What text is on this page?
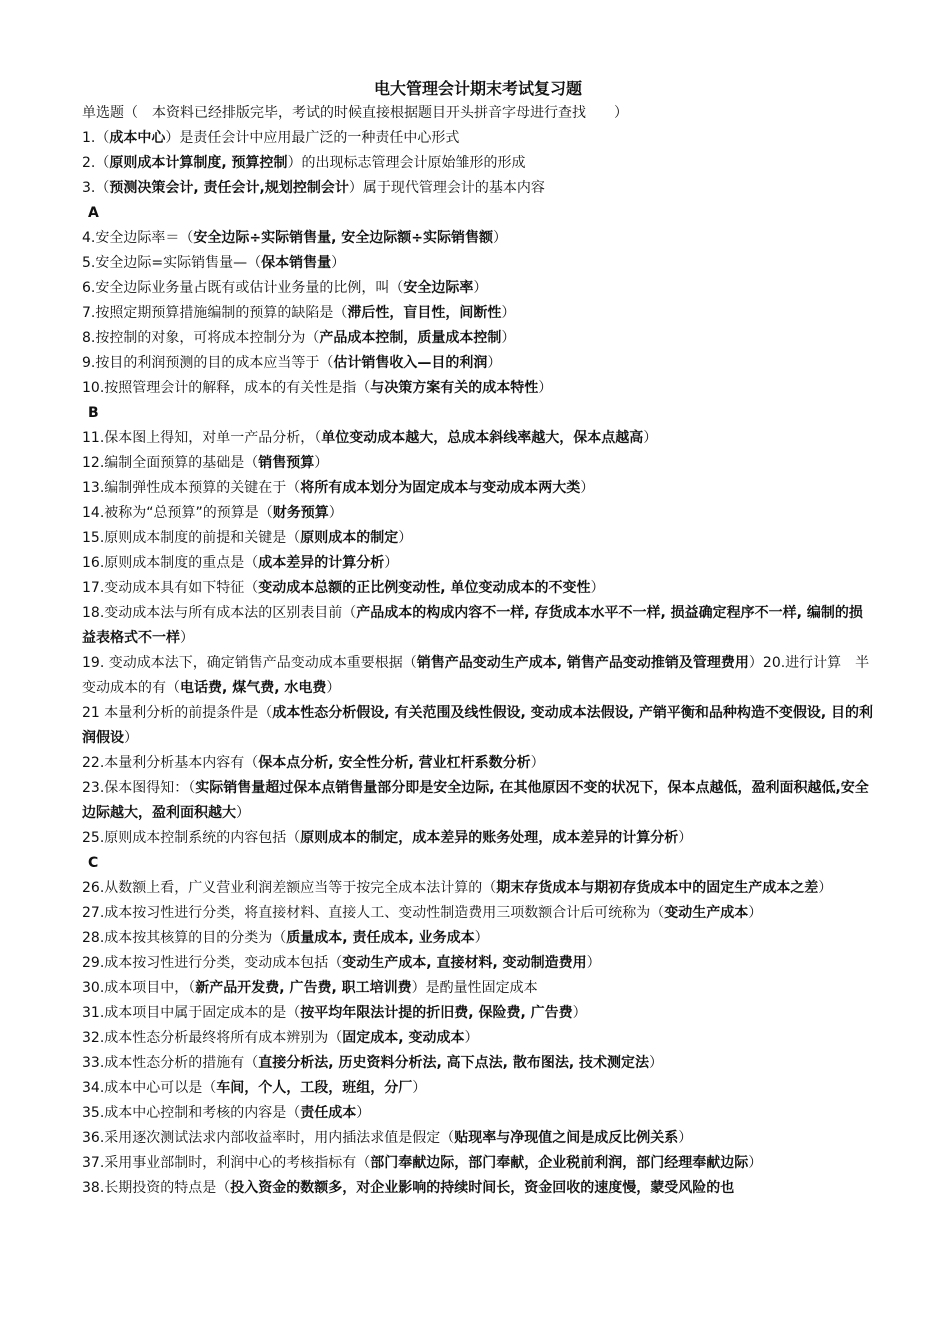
电大管理会计期末考试复习题
单选题（　本资料已经排版完毕，考试的时候直接根据题目开头拼音字母进行查找　　）
1.（成本中心）是责任会计中应用最广泛的一种责任中心形式
2.（原则成本计算制度, 预算控制）的出现标志管理会计原始雏形的形成
3.（预测决策会计, 责任会计,规划控制会计）属于现代管理会计的基本内容
A
4.安全边际率＝（安全边际÷实际销售量, 安全边际额÷实际销售额）
5.安全边际=实际销售量—（保本销售量）
6.安全边际业务量占既有或估计业务量的比例，叫（安全边际率）
7.按照定期预算措施编制的预算的缺陷是（滞后性，盲目性，间断性）
8.按控制的对象，可将成本控制分为（产品成本控制，质量成本控制）
9.按目的利润预测的目的成本应当等于（估计销售收入—目的利润）
10.按照管理会计的解释，成本的有关性是指（与决策方案有关的成本特性）
B
11.保本图上得知，对单一产品分析，（单位变动成本越大，总成本斜线率越大，保本点越高）
12.编制全面预算的基础是（销售预算）
13.编制弹性成本预算的关键在于（将所有成本划分为固定成本与变动成本两大类）
14.被称为“总预算”的预算是（财务预算）
15.原则成本制度的前提和关键是（原则成本的制定）
16.原则成本制度的重点是（成本差异的计算分析）
17.变动成本具有如下特征（变动成本总额的正比例变动性, 单位变动成本的不变性）
18.变动成本法与所有成本法的区别表目前（产品成本的构成内容不一样, 存货成本水平不一样, 损益确定程序不一样, 编制的损益表格式不一样）
19. 变动成本法下，确定销售产品变动成本重要根据（销售产品变动生产成本, 销售产品变动推销及管理费用）20.进行计算　半变动成本的有（电话费, 煤气费, 水电费）
21 本量利分析的前提条件是（成本性态分析假设, 有关范围及线性假设, 变动成本法假设, 产销平衡和品种构造不变假设, 目的利润假设）
22.本量利分析基本内容有（保本点分析, 安全性分析, 营业杠杆系数分析）
23.保本图得知：（实际销售量超过保本点销售量部分即是安全边际, 在其他原因不变的状况下，保本点越低，盈利面积越低,安全边际越大，盈利面积越大）
25.原则成本控制系统的内容包括（原则成本的制定，成本差异的账务处理，成本差异的计算分析）
C
26.从数额上看，广义营业利润差额应当等于按完全成本法计算的（期末存货成本与期初存货成本中的固定生产成本之差）
27.成本按习性进行分类，将直接材料、直接人工、变动性制造费用三项数额合计后可统称为（变动生产成本）
28.成本按其核算的目的分类为（质量成本, 责任成本, 业务成本）
29.成本按习性进行分类，变动成本包括（变动生产成本, 直接材料, 变动制造费用）
30.成本项目中，（新产品开发费, 广告费, 职工培训费）是酌量性固定成本
31.成本项目中属于固定成本的是（按平均年限法计提的折旧费, 保险费, 广告费）
32.成本性态分析最终将所有成本辨别为（固定成本, 变动成本）
33.成本性态分析的措施有（直接分析法, 历史资料分析法, 高下点法, 散布图法, 技术测定法）
34.成本中心可以是（车间，个人，工段，班组，分厂）
35.成本中心控制和考核的内容是（责任成本）
36.采用逐次测试法求内部收益率时，用内插法求值是假定（贴现率与净现值之间是成反比例关系）
37.采用事业部制时，利润中心的考核指标有（部门奉献边际，部门奉献，企业税前利润，部门经理奉献边际）
38.长期投资的特点是（投入资金的数额多，对企业影响的持续时间长，资金回收的速度慢，蒙受风险的也
